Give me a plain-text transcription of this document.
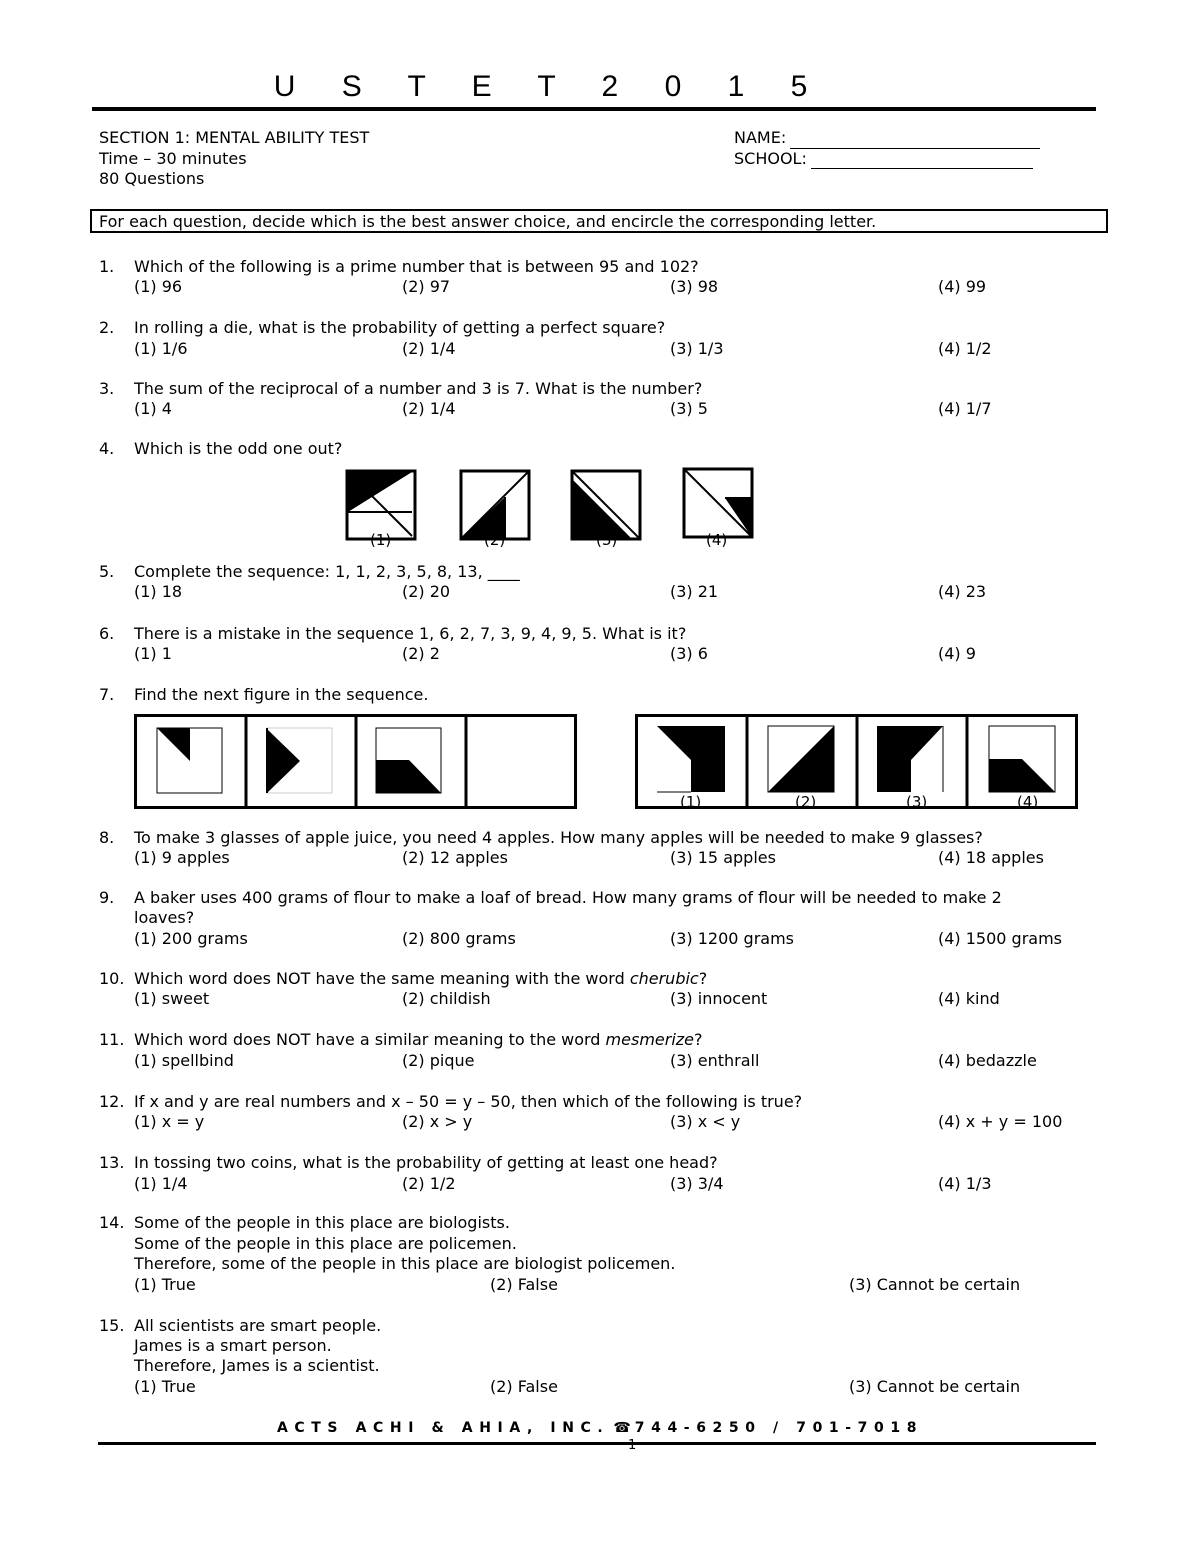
U S T E T 2 0 1 5
SECTION 1: MENTAL ABILITY TEST
Time – 30 minutes
80 Questions
NAME:
SCHOOL:
For each question, decide which is the best answer choice, and encircle the corresponding letter.
1. Which of the following is a prime number that is between 95 and 102?
(1) 96	(2) 97	(3) 98	(4) 99
2. In rolling a die, what is the probability of getting a perfect square?
(1) 1/6	(2) 1/4	(3) 1/3	(4) 1/2
3. The sum of the reciprocal of a number and 3 is 7. What is the number?
(1) 4	(2) 1/4	(3) 5	(4) 1/7
4. Which is the odd one out?
(1)	(2)	(3)	(4)
5. Complete the sequence: 1, 1, 2, 3, 5, 8, 13, ____
(1) 18	(2) 20	(3) 21	(4) 23
6. There is a mistake in the sequence 1, 6, 2, 7, 3, 9, 4, 9, 5. What is it?
(1) 1	(2) 2	(3) 6	(4) 9
7. Find the next figure in the sequence.
(1)	(2)	(3)	(4)
8. To make 3 glasses of apple juice, you need 4 apples. How many apples will be needed to make 9 glasses?
(1) 9 apples	(2) 12 apples	(3) 15 apples	(4) 18 apples
9. A baker uses 400 grams of flour to make a loaf of bread. How many grams of flour will be needed to make 2
loaves?
(1) 200 grams	(2) 800 grams	(3) 1200 grams	(4) 1500 grams
10. Which word does NOT have the same meaning with the word cherubic?
(1) sweet	(2) childish	(3) innocent	(4) kind
11. Which word does NOT have a similar meaning to the word mesmerize?
(1) spellbind	(2) pique	(3) enthrall	(4) bedazzle
12. If x and y are real numbers and x – 50 = y – 50, then which of the following is true?
(1) x = y	(2) x > y	(3) x < y	(4) x + y = 100
13. In tossing two coins, what is the probability of getting at least one head?
(1) 1/4	(2) 1/2	(3) 3/4	(4) 1/3
14. Some of the people in this place are biologists.
Some of the people in this place are policemen.
Therefore, some of the people in this place are biologist policemen.
(1) True	(2) False	(3) Cannot be certain
15. All scientists are smart people.
James is a smart person.
Therefore, James is a scientist.
(1) True	(2) False	(3) Cannot be certain
ACTS ACHI & AHIA, INC. ☎ 744-6250 / 701-7018
1
